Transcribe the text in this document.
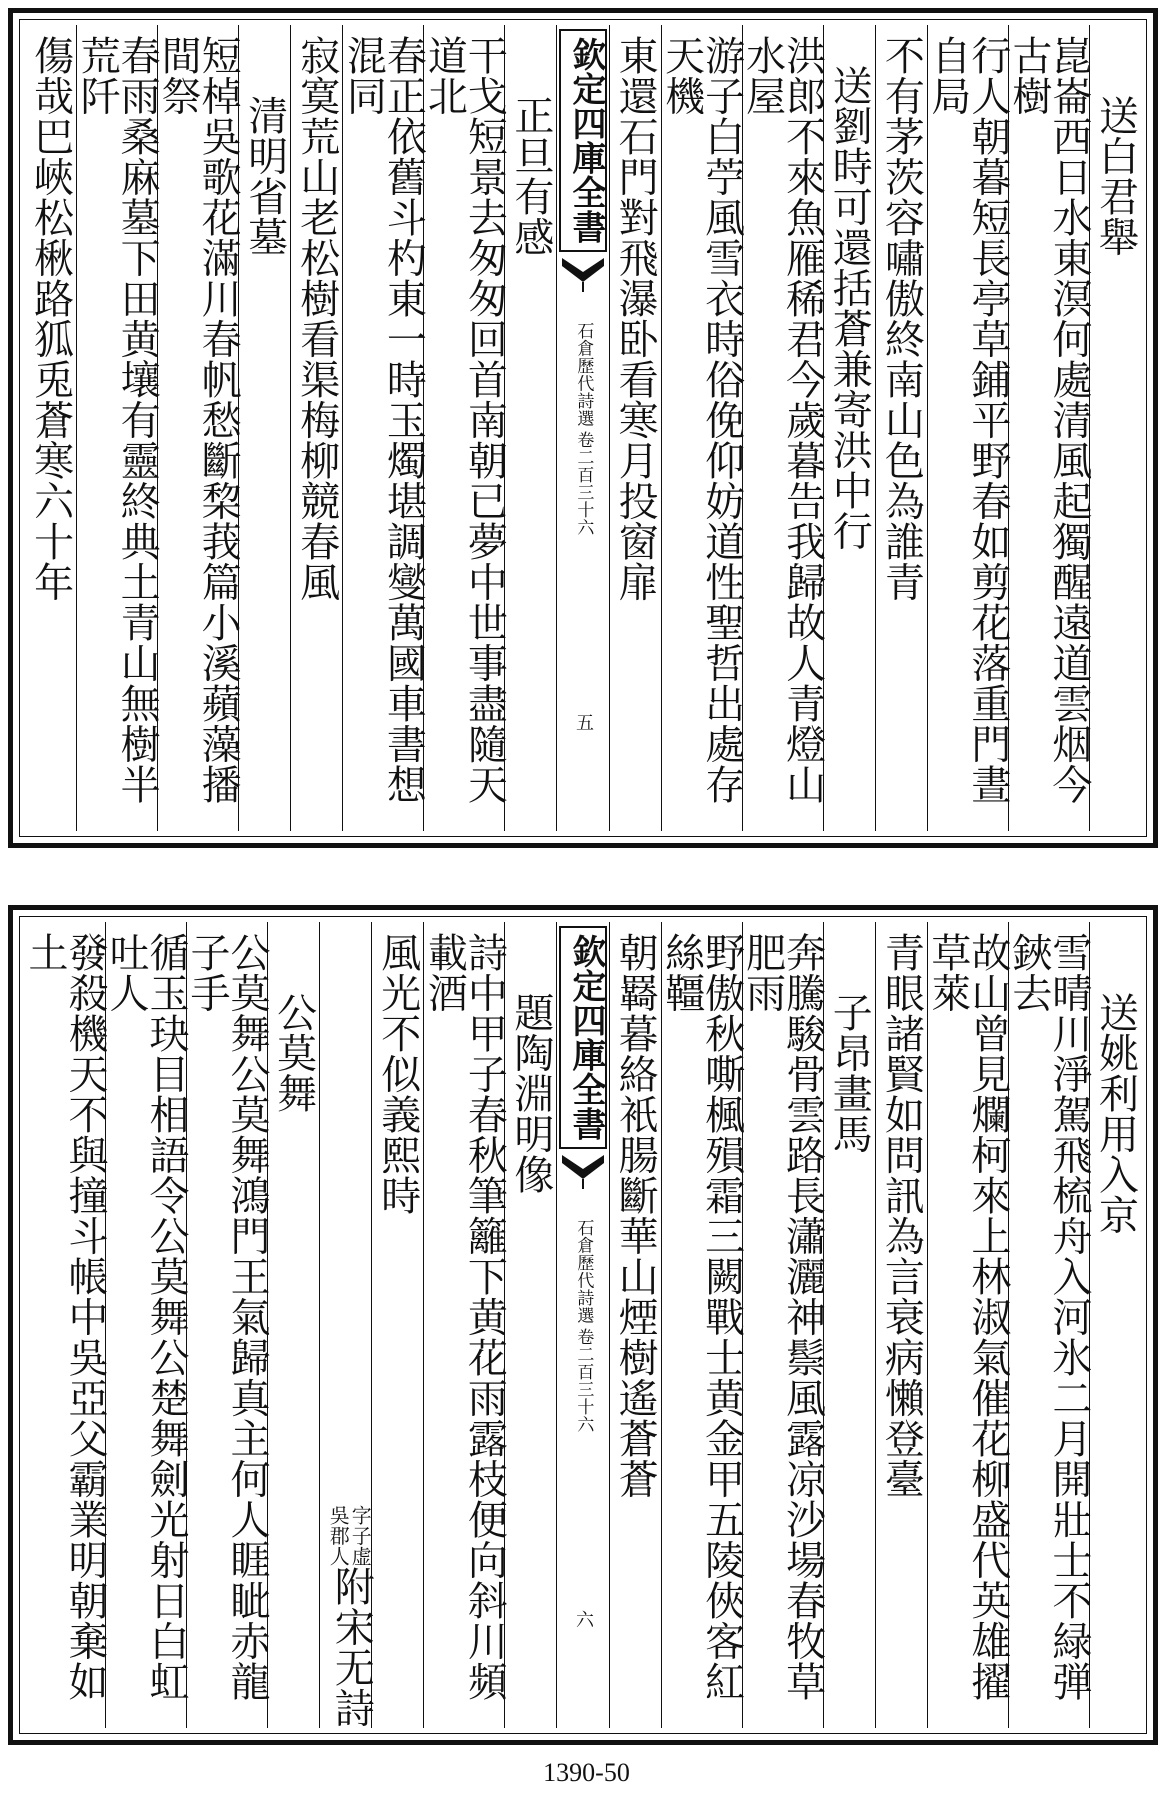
送白君舉
崑崙西日水東溟何處清風起獨醒遠道雲烟今古樹
行人朝暮短長亭草鋪平野春如剪花落重門晝自局
不有茅茨容嘯傲終南山色為誰青
送劉時可還括蒼兼寄洪中行
洪郎不來魚雁稀君今歲暮告我歸故人青燈山水屋
游子白苧風雪衣時俗俛仰妨道性聖哲出處存天機
東還石門對飛瀑卧看寒月投窗扉
欽定四庫全書
石倉歷代詩選
卷二百三十六
五
正旦有感
干戈短景去匆匆回首南朝已夢中世事盡隨天道北
春正依舊斗杓東一時玉燭堪調燮萬國車書想混同
寂寞荒山老松樹看渠梅柳競春風
清明省墓
短棹吳歌花滿川春帆愁斷棃莪篇小溪蘋藻播間祭
春雨桑麻墓下田黄壤有靈終典土青山無樹半荒阡
傷哉巴峽松楸路狐兎蒼寒六十年
送姚利用入京
雪晴川淨駕飛梳舟入河氷二月開壯士不緑弾鋏去
故山曾見爛柯來上林淑氣催花柳盛代英雄擢草萊
青眼諸賢如問訊為言衰病懶登臺
子昂畫馬
奔騰駿骨雲路長瀟灑神鬃風露凉沙場春牧草肥雨
野傲秋嘶楓殞霜三闕戰士黄金甲五陵俠客紅絲韁
朝羇暮絡衹腸斷華山煙樹遙蒼蒼
欽定四庫全書
石倉歷代詩選
卷二百三十六
六
題陶淵明像
詩中甲子春秋筆籬下黄花雨露枝便向斜川頻載酒
風光不似義熙時
附宋无詩
字子虚
吳郡人
公莫舞
公莫舞公莫舞鴻門王氣歸真主何人睚眦赤龍子手
循玉玦目相語令公莫舞公楚舞劍光射日白虹吐人
發殺機天不與撞斗帳中吳亞父霸業明朝棄如土
1390-50
